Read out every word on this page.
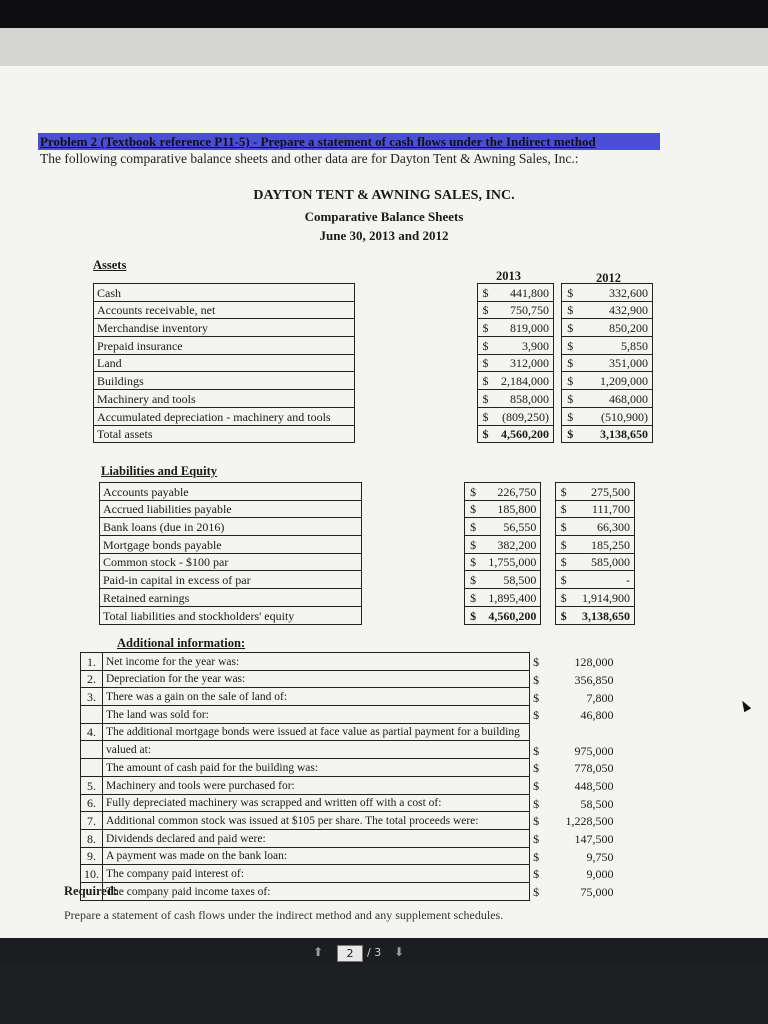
Problem 2 (Textbook reference P11-5) - Prepare a statement of cash flows under the Indirect method
The following comparative balance sheets and other data are for Dayton Tent & Awning Sales, Inc.:
DAYTON TENT & AWNING SALES, INC.
Comparative Balance Sheets
June 30, 2013 and 2012
Assets
2013	2012
Cash		$ 441,800		$ 332,600
Accounts receivable, net		$ 750,750		$ 432,900
Merchandise inventory		$ 819,000		$ 850,200
Prepaid insurance		$ 3,900		$ 5,850
Land		$ 312,000		$ 351,000
Buildings		$ 2,184,000		$ 1,209,000
Machinery and tools		$ 858,000		$ 468,000
Accumulated depreciation - machinery and tools		$ (809,250)		$ (510,900)
Total assets		$ 4,560,200		$ 3,138,650
Liabilities and Equity
Accounts payable		$ 226,750		$ 275,500
Accrued liabilities payable		$ 185,800		$ 111,700
Bank loans (due in 2016)		$ 56,550		$ 66,300
Mortgage bonds payable		$ 382,200		$ 185,250
Common stock - $100 par		$ 1,755,000		$ 585,000
Paid-in capital in excess of par		$ 58,500		$ -
Retained earnings		$ 1,895,400		$ 1,914,900
Total liabilities and stockholders' equity		$ 4,560,200		$ 3,138,650
Additional information:
1.	Net income for the year was:	$	128,000
2.	Depreciation for the year was:	$	356,850
3.	There was a gain on the sale of land of:	$	7,800
	The land was sold for:	$	46,800
4.	The additional mortgage bonds were issued at face value as partial payment for a building		
	valued at:	$	975,000
	The amount of cash paid for the building was:	$	778,050
5.	Machinery and tools were purchased for:	$	448,500
6.	Fully depreciated machinery was scrapped and written off with a cost of:	$	58,500
7.	Additional common stock was issued at $105 per share. The total proceeds were:	$	1,228,500
8.	Dividends declared and paid were:	$	147,500
9.	A payment was made on the bank loan:	$	9,750
10.	The company paid interest of:	$	9,000
	The company paid income taxes of:	$	75,000
Required:
Prepare a statement of cash flows under the indirect method and any supplement schedules.
⬆	2	/ 3 ⬇
